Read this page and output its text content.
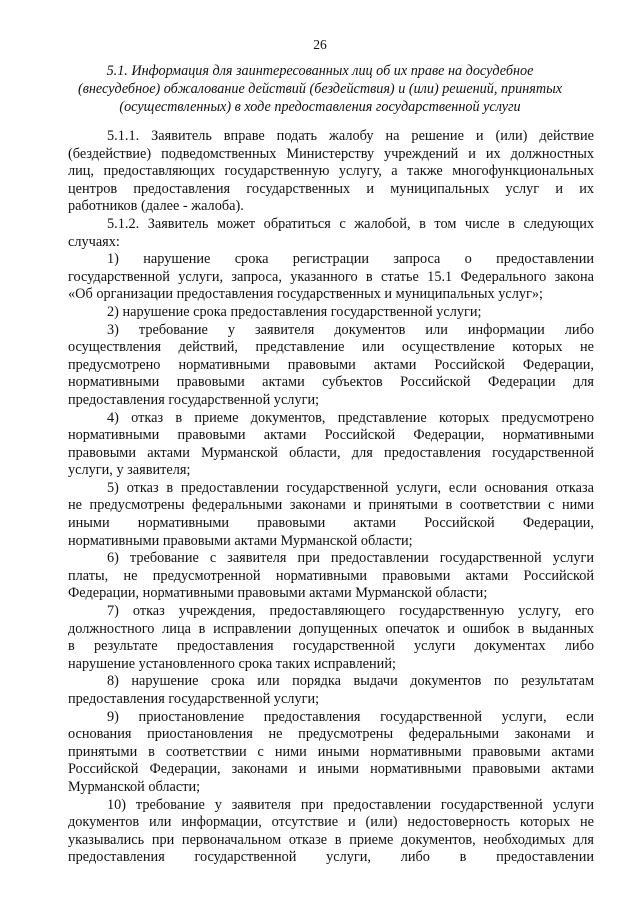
26
5.1. Информация для заинтересованных лиц об их праве на досудебное
(внесудебное) обжалование действий (бездействия) и (или) решений, принятых
(осуществленных) в ходе предоставления государственной услуги
5.1.1. Заявитель вправе подать жалобу на решение и (или) действие
(бездействие) подведомственных Министерству учреждений и их должностных
лиц, предоставляющих государственную услугу, а также многофункциональных
центров предоставления государственных и муниципальных услуг и их
работников (далее - жалоба).
5.1.2. Заявитель может обратиться с жалобой, в том числе в следующих
случаях:
1) нарушение срока регистрации запроса о предоставлении
государственной услуги, запроса, указанного в статье 15.1 Федерального закона
«Об организации предоставления государственных и муниципальных услуг»;
2) нарушение срока предоставления государственной услуги;
3) требование у заявителя документов или информации либо
осуществления действий, представление или осуществление которых не
предусмотрено нормативными правовыми актами Российской Федерации,
нормативными правовыми актами субъектов Российской Федерации для
предоставления государственной услуги;
4) отказ в приеме документов, представление которых предусмотрено
нормативными правовыми актами Российской Федерации, нормативными
правовыми актами Мурманской области, для предоставления государственной
услуги, у заявителя;
5) отказ в предоставлении государственной услуги, если основания отказа
не предусмотрены федеральными законами и принятыми в соответствии с ними
иными нормативными правовыми актами Российской Федерации,
нормативными правовыми актами Мурманской области;
6) требование с заявителя при предоставлении государственной услуги
платы, не предусмотренной нормативными правовыми актами Российской
Федерации, нормативными правовыми актами Мурманской области;
7) отказ учреждения, предоставляющего государственную услугу, его
должностного лица в исправлении допущенных опечаток и ошибок в выданных
в результате предоставления государственной услуги документах либо
нарушение установленного срока таких исправлений;
8) нарушение срока или порядка выдачи документов по результатам
предоставления государственной услуги;
9) приостановление предоставления государственной услуги, если
основания приостановления не предусмотрены федеральными законами и
принятыми в соответствии с ними иными нормативными правовыми актами
Российской Федерации, законами и иными нормативными правовыми актами
Мурманской области;
10) требование у заявителя при предоставлении государственной услуги
документов или информации, отсутствие и (или) недостоверность которых не
указывались при первоначальном отказе в приеме документов, необходимых для
предоставления государственной услуги, либо в предоставлении
